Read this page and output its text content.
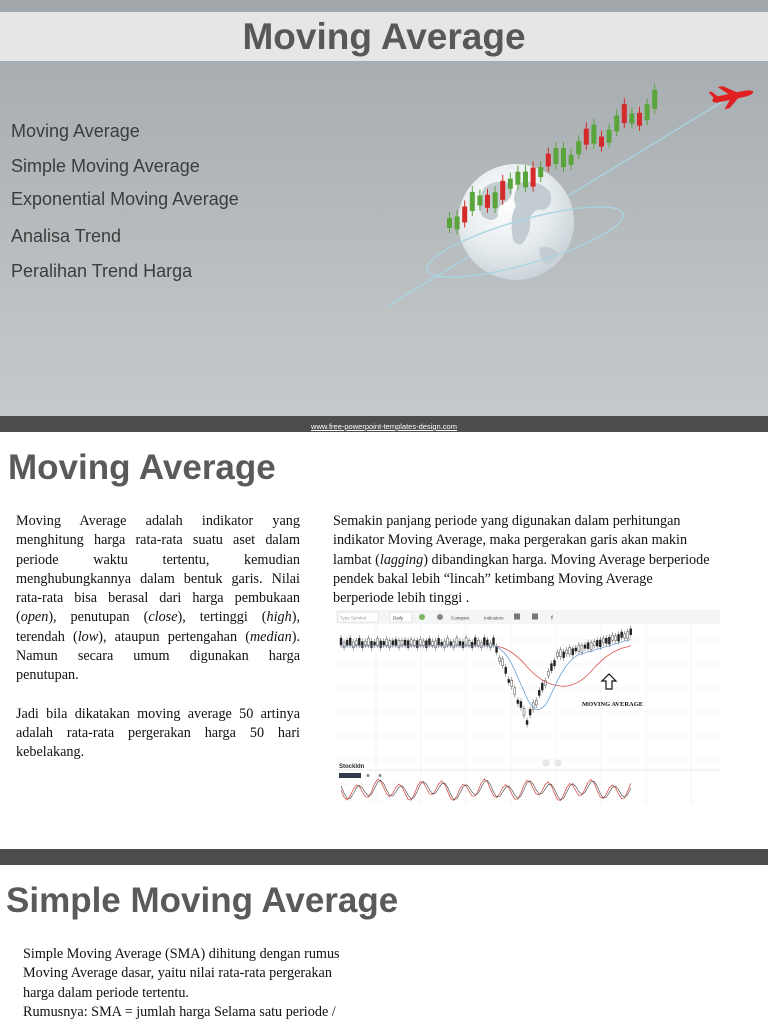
Moving Average
Moving Average
Simple Moving Average
Exponential Moving Average
Analisa Trend
Peralihan Trend Harga
www.free-powerpoint-templates-design.com
Moving Average

Moving Average adalah indikator yang menghitung harga rata-rata suatu aset dalam periode waktu tertentu, kemudian menghubungkannya dalam bentuk garis. Nilai rata-rata bisa berasal dari harga pembukaan (open), penutupan (close), tertinggi (high), terendah (low), ataupun pertengahan (median). Namun secara umum digunakan harga penutupan.

Jadi bila dikatakan moving average 50 artinya adalah rata-rata pergerakan harga 50 hari kebelakang.

Semakin panjang periode yang digunakan dalam perhitungan indikator Moving Average, maka pergerakan garis akan makin lambat (lagging) dibandingkan harga. Moving Average berperiode pendek bakal lebih “lincah” ketimbang Moving Average berperiode lebih tinggi .

Type Symbol	Daily	Compare	Indicators	f
MOVING AVERAGE
StockIdn
Simple Moving Average
Simple Moving Average (SMA) dihitung dengan rumus
Moving Average dasar, yaitu nilai rata-rata pergerakan
harga dalam periode tertentu.
Rumusnya: SMA = jumlah harga Selama satu periode /
